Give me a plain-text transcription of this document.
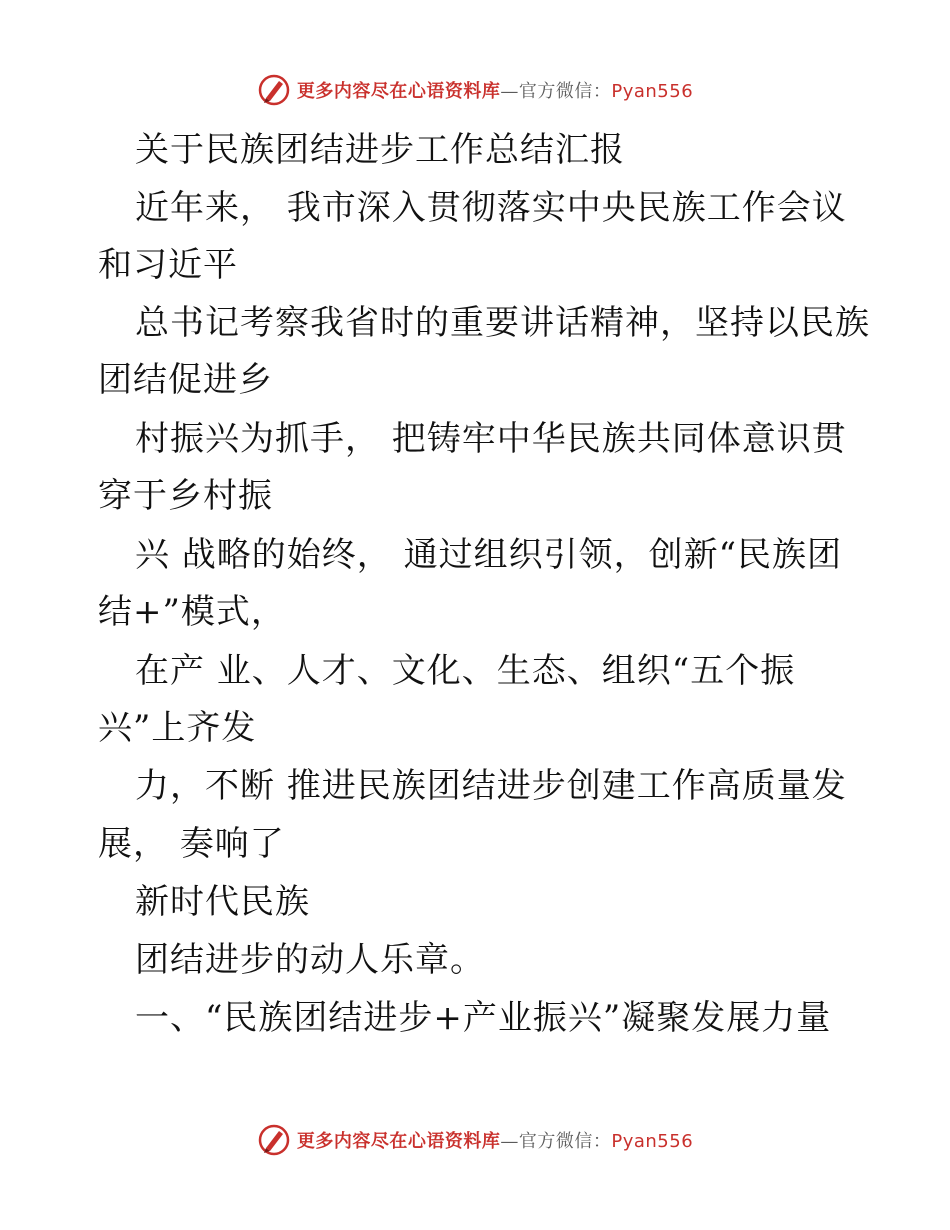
更多内容尽在心语资料库—官方微信：Pyan556
关于民族团结进步工作总结汇报
近年来， 我市深入贯彻落实中央民族工作会议
和习近平
总书记考察我省时的重要讲话精神，坚持以民族
团结促进乡
村振兴为抓手， 把铸牢中华民族共同体意识贯
穿于乡村振
兴 战略的始终， 通过组织引领，创新“民族团
结+”模式，
在产 业、人才、文化、生态、组织“五个振
兴”上齐发
力，不断 推进民族团结进步创建工作高质量发
展， 奏响了
新时代民族
团结进步的动人乐章。
一、“民族团结进步+产业振兴”凝聚发展力量
更多内容尽在心语资料库—官方微信：Pyan556
